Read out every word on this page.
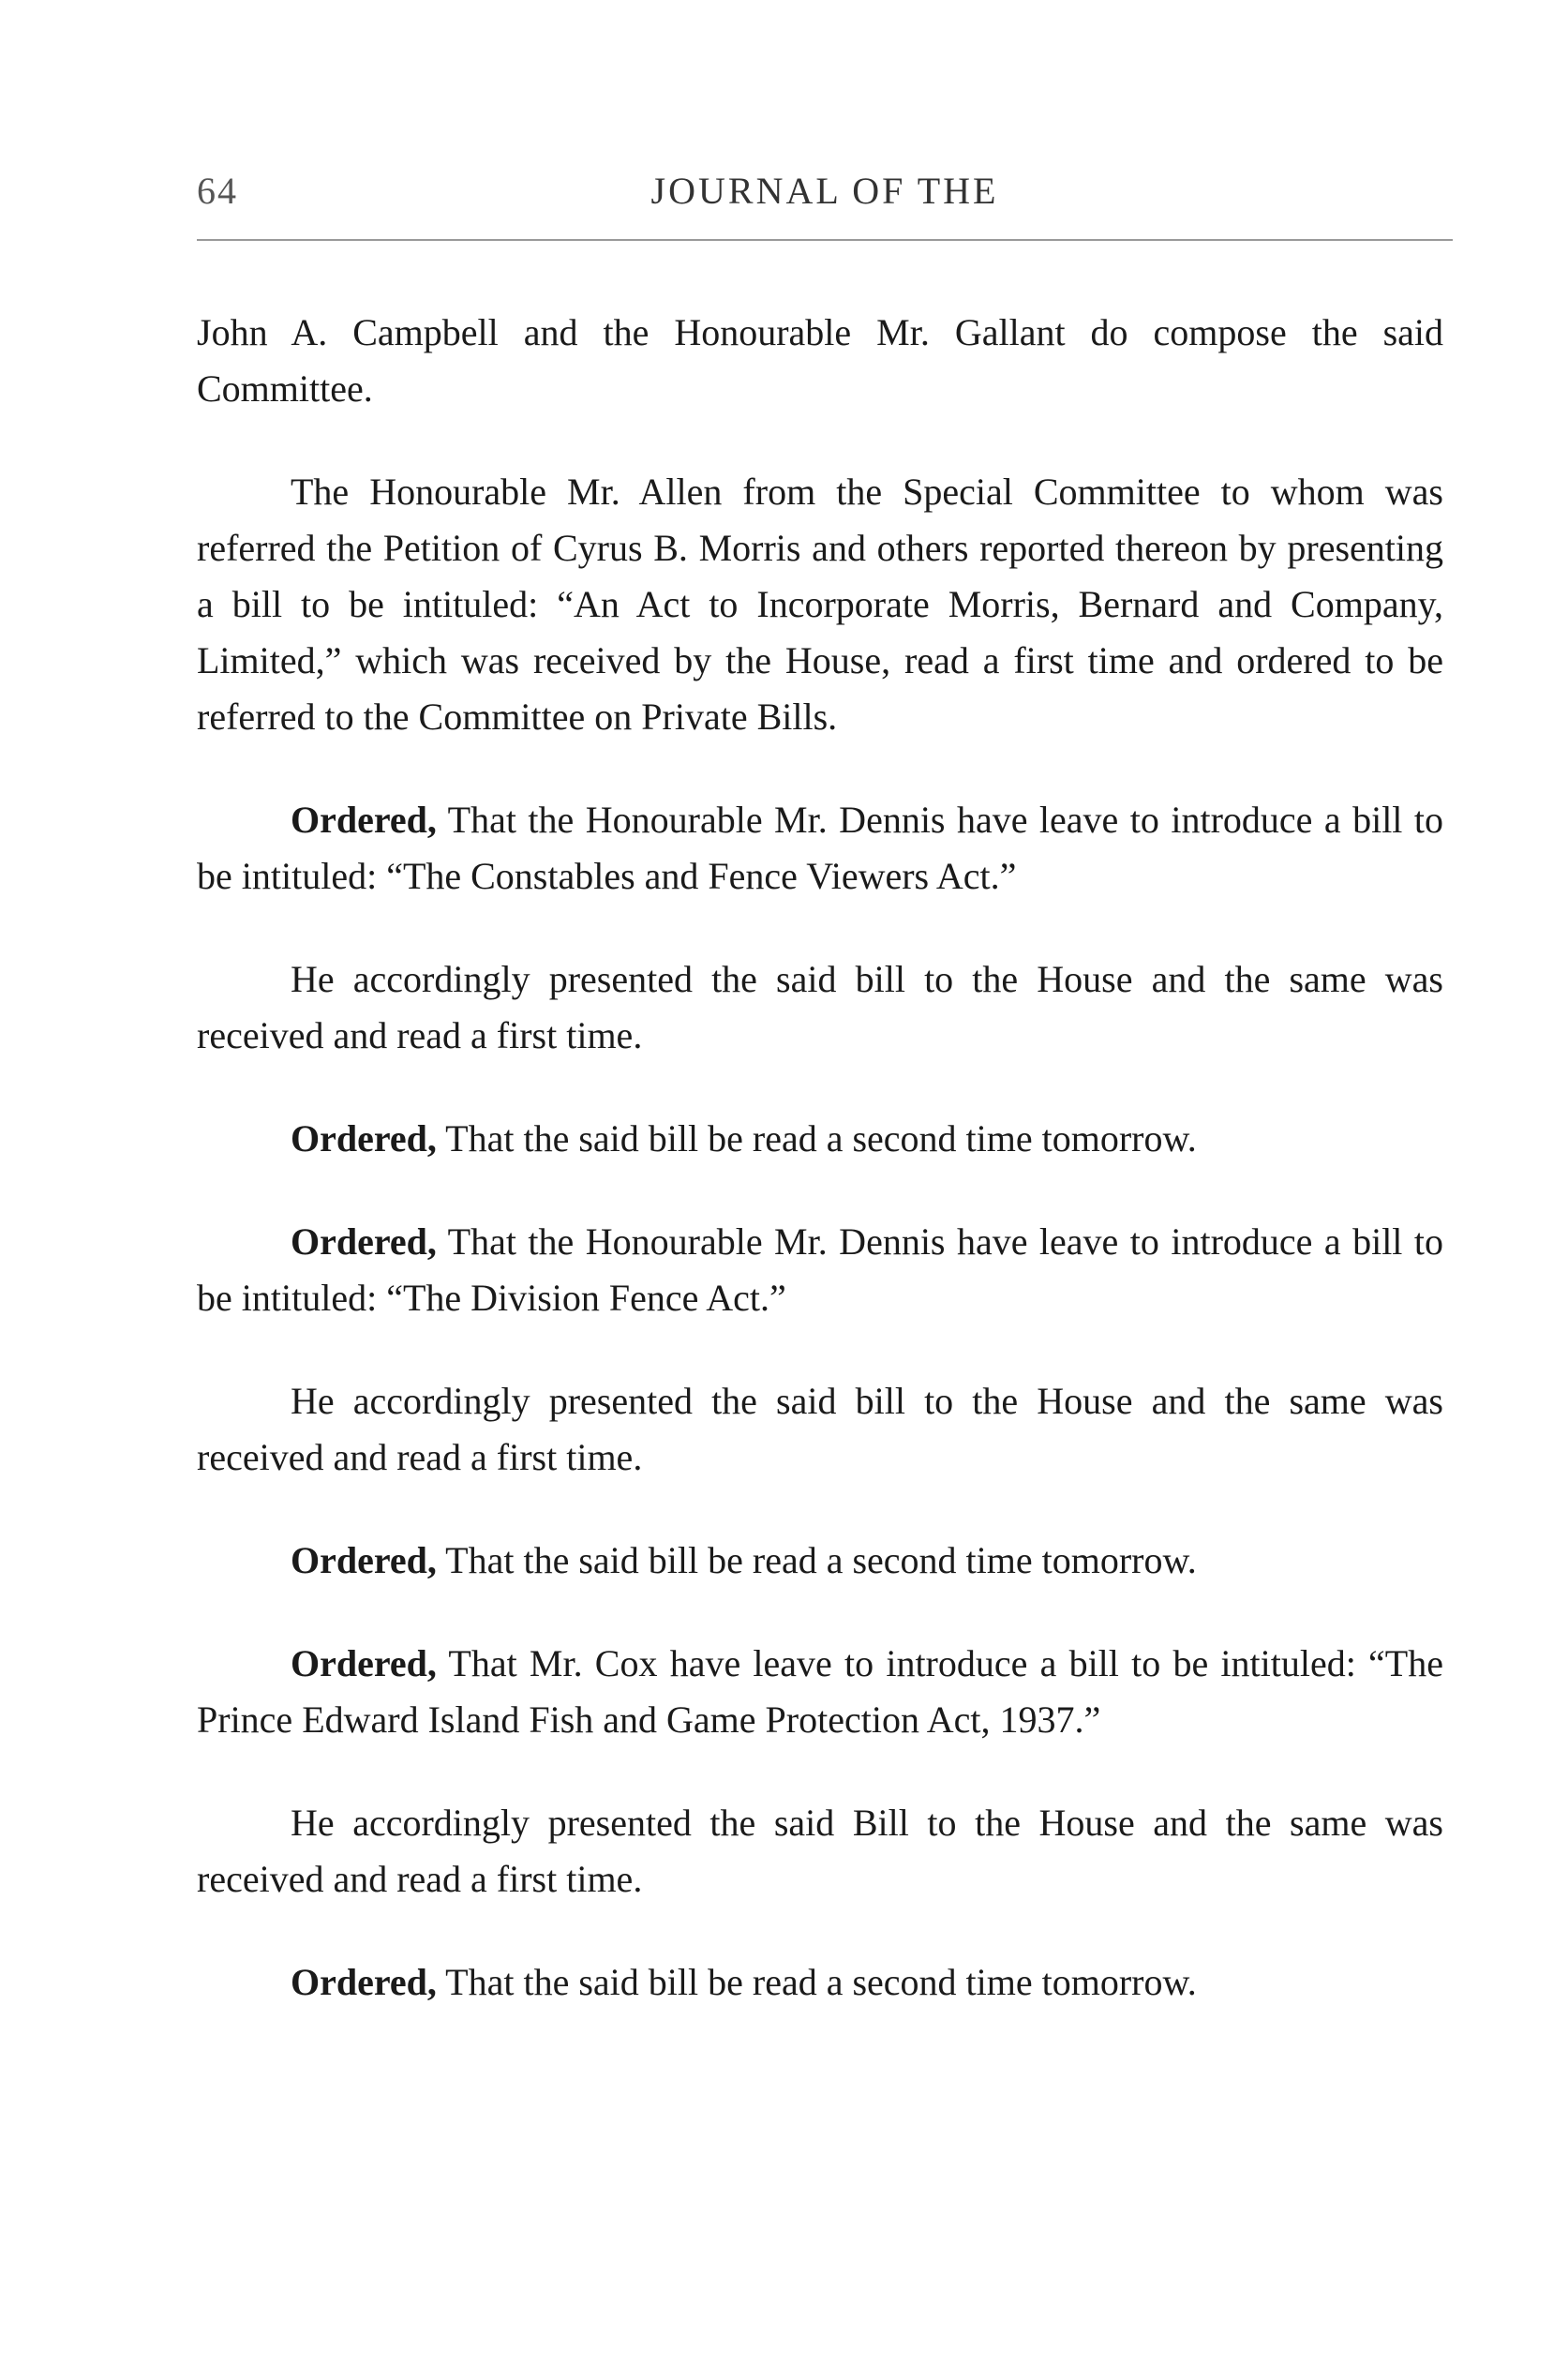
64	JOURNAL OF THE

John A. Campbell and the Honourable Mr. Gallant do compose the said Committee.

The Honourable Mr. Allen from the Special Committee to whom was referred the Petition of Cyrus B. Morris and others reported thereon by presenting a bill to be intituled: “An Act to Incorporate Morris, Bernard and Company, Limited,” which was received by the House, read a first time and ordered to be referred to the Committee on Private Bills.

Ordered, That the Honourable Mr. Dennis have leave to introduce a bill to be intituled: “The Constables and Fence Viewers Act.”

He accordingly presented the said bill to the House and the same was received and read a first time.

Ordered, That the said bill be read a second time tomorrow.

Ordered, That the Honourable Mr. Dennis have leave to introduce a bill to be intituled: “The Division Fence Act.”

He accordingly presented the said bill to the House and the same was received and read a first time.

Ordered, That the said bill be read a second time tomorrow.

Ordered, That Mr. Cox have leave to introduce a bill to be intituled: “The Prince Edward Island Fish and Game Protection Act, 1937.”

He accordingly presented the said Bill to the House and the same was received and read a first time.

Ordered, That the said bill be read a second time tomorrow.
